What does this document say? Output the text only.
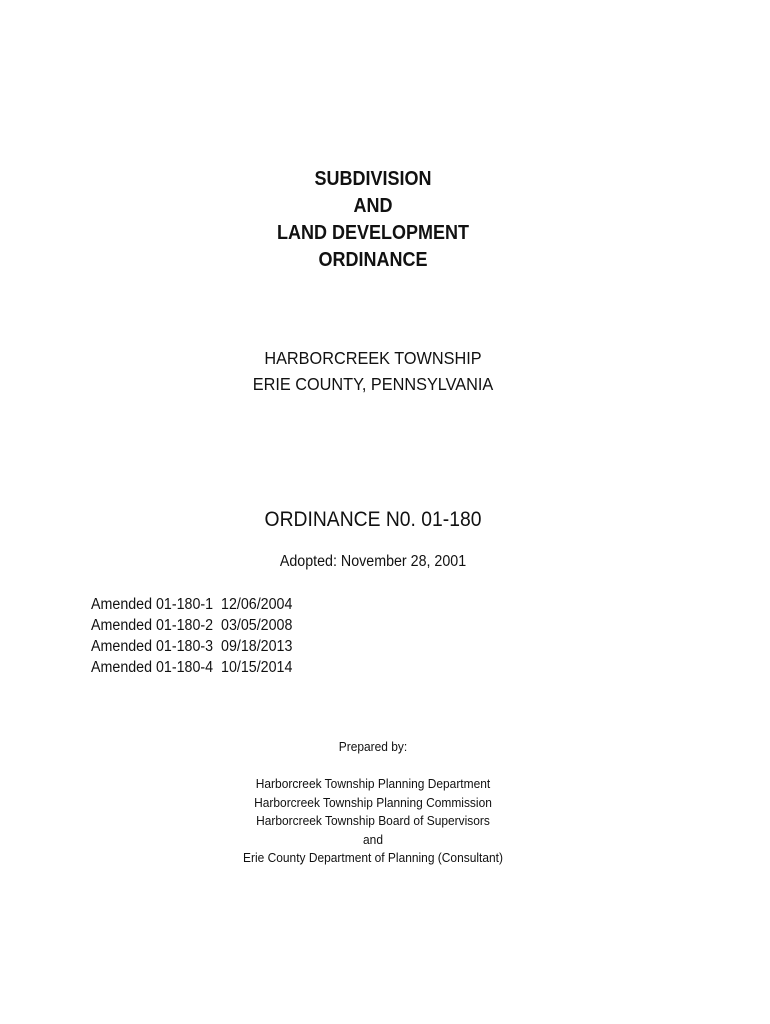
SUBDIVISION
AND
LAND DEVELOPMENT
ORDINANCE
HARBORCREEK TOWNSHIP
ERIE COUNTY, PENNSYLVANIA
ORDINANCE N0. 01-180
Adopted: November 28, 2001
Amended 01-180-1 12/06/2004
Amended 01-180-2 03/05/2008
Amended 01-180-3 09/18/2013
Amended 01-180-4 10/15/2014
Prepared by:
Harborcreek Township Planning Department
Harborcreek Township Planning Commission
Harborcreek Township Board of Supervisors
and
Erie County Department of Planning (Consultant)
